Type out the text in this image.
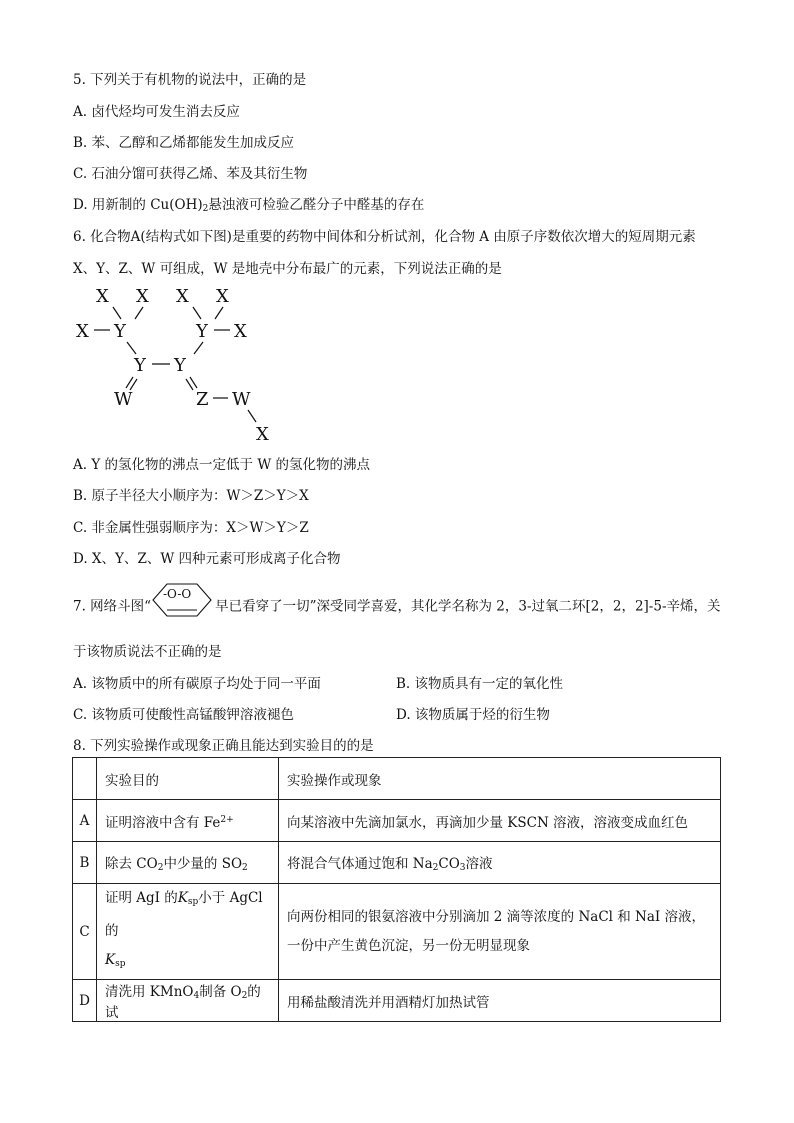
5. 下列关于有机物的说法中，正确的是
A. 卤代烃均可发生消去反应
B. 苯、乙醇和乙烯都能发生加成反应
C. 石油分馏可获得乙烯、苯及其衍生物
D. 用新制的 $Cu(OH)_2$悬浊液可检验乙醛分子中醛基的存在
6. 化合物A(结构式如下图)是重要的药物中间体和分析试剂，化合物 A 由原子序数依次增大的短周期元素
X、Y、Z、W 可组成，W 是地壳中分布最广的元素，下列说法正确的是
X X X X
X Y	Y X
Y Y
W	Z W
X
A. Y 的氢化物的沸点一定低于 W 的氢化物的沸点
B. 原子半径大小顺序为：W＞Z＞Y＞X
C. 非金属性强弱顺序为：X＞W＞Y＞Z
D. X、Y、Z、W 四种元素可形成离子化合物
7. 网络斗图“
-O-O
早已看穿了一切”深受同学喜爱，其化学名称为 2，3-过氧二环[2，2，2]-5-辛烯，关
于该物质说法不正确的是
A. 该物质中的所有碳原子均处于同一平面	B. 该物质具有一定的氧化性
C. 该物质可使酸性高锰酸钾溶液褪色	D. 该物质属于烃的衍生物
8. 下列实验操作或现象正确且能达到实验目的的是
	实验目的	实验操作或现象
A	证明溶液中含有 $Fe^{2+}$	向某溶液中先滴加氯水，再滴加少量 KSCN 溶液，溶液变成血红色
B	除去 $CO_2$中少量的 $SO_2$	将混合气体通过饱和 $Na_2CO_3$溶液
C	证明 AgI 的$K_{sp}$小于 AgCl 的
$K_{sp}$	向两份相同的银氨溶液中分别滴加 2 滴等浓度的 NaCl 和 NaI 溶液，
一份中产生黄色沉淀，另一份无明显现象
D	清洗用 KMnO$_4$制备 $O_2$的试	用稀盐酸清洗并用酒精灯加热试管
